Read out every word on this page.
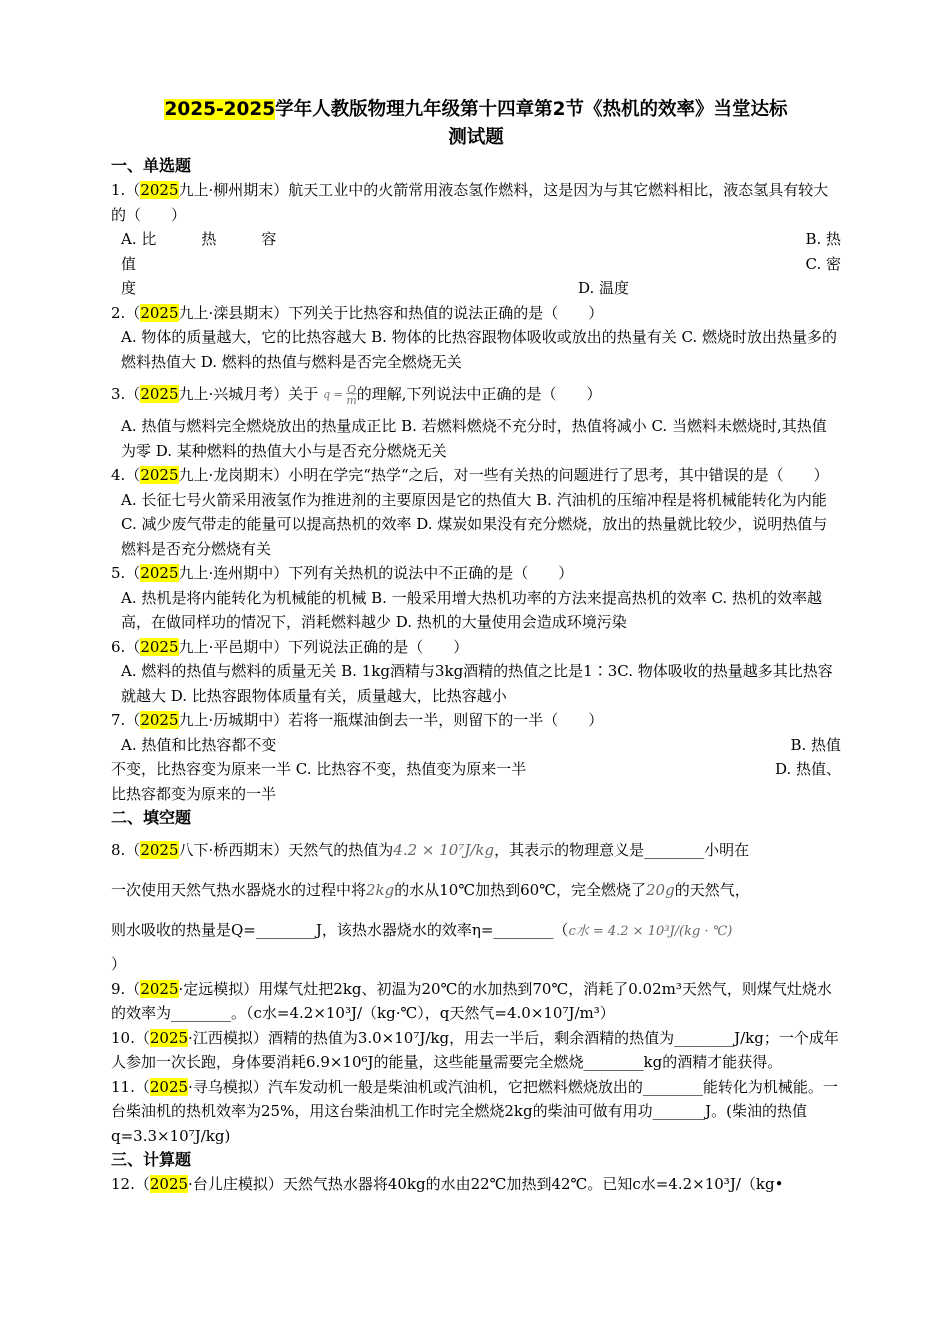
2025-2025学年人教版物理九年级第十四章第2节《热机的效率》当堂达标
测试题
一、单选题

1.（2025九上·柳州期末）航天工业中的火箭常用液态氢作燃料，这是因为与其它燃料相比，液态氢具有较大的（　　）

A. 比　　　热　　　容	B. 热
值	C. 密
度	D. 温度

2.（2025九上·滦县期末）下列关于比热容和热值的说法正确的是（　　）

A. 物体的质量越大，它的比热容越大 B. 物体的比热容跟物体吸收或放出的热量有关 C. 燃烧时放出热量多的燃料热值大 D. 燃料的热值与燃料是否完全燃烧无关

3.（2025九上·兴城月考）关于 $q = \frac{Q}{m}$的理解,下列说法中正确的是（　　）

A. 热值与燃料完全燃烧放出的热量成正比 B. 若燃料燃烧不充分时，热值将减小 C. 当燃料未燃烧时,其热值为零 D. 某种燃料的热值大小与是否充分燃烧无关

4.（2025九上·龙岗期末）小明在学完“热学“之后，对一些有关热的问题进行了思考，其中错误的是（　　）

A. 长征七号火箭采用液氢作为推进剂的主要原因是它的热值大 B. 汽油机的压缩冲程是将机械能转化为内能 C. 减少废气带走的能量可以提高热机的效率 D. 煤炭如果没有充分燃烧，放出的热量就比较少，说明热值与燃料是否充分燃烧有关

5.（2025九上·连州期中）下列有关热机的说法中不正确的是（　　）

A. 热机是将内能转化为机械能的机械 B. 一般采用增大热机功率的方法来提高热机的效率 C. 热机的效率越高，在做同样功的情况下，消耗燃料越少 D. 热机的大量使用会造成环境污染

6.（2025九上·平邑期中）下列说法正确的是（　　）

A. 燃料的热值与燃料的质量无关 B. 1kg酒精与3kg酒精的热值之比是1∶3C. 物体吸收的热量越多其比热容就越大 D. 比热容跟物体质量有关，质量越大，比热容越小

7.（2025九上·历城期中）若将一瓶煤油倒去一半，则留下的一半（　　）

A. 热值和比热容都不变	B. 热值
不变，比热容变为原来一半 C. 比热容不变，热值变为原来一半	D. 热值、
比热容都变为原来的一半
二、填空题

8.（2025八下·桥西期末）天然气的热值为4.2 × 10⁷J/kg，其表示的物理意义是________小明在

一次使用天然气热水器烧水的过程中将2kg的水从10℃加热到60℃，完全燃烧了20g的天然气，

则水吸收的热量是Q=________J，该热水器烧水的效率η=________（c水 = 4.2 × 10³J/(kg · ℃)

）

9.（2025·定远模拟）用煤气灶把2kg、初温为20℃的水加热到70℃，消耗了0.02m³天然气，则煤气灶烧水的效率为________。（c水=4.2×10³J/（kg·℃），q天然气=4.0×10⁷J/m³）

10.（2025·江西模拟）酒精的热值为3.0×10⁷J/kg，用去一半后，剩余酒精的热值为________J/kg；一个成年人参加一次长跑，身体要消耗6.9×10⁶J的能量，这些能量需要完全燃烧________kg的酒精才能获得。

11.（2025·寻乌模拟）汽车发动机一般是柴油机或汽油机，它把燃料燃烧放出的________能转化为机械能。一台柴油机的热机效率为25%，用这台柴油机工作时完全燃烧2kg的柴油可做有用功_______J。(柴油的热值q=3.3×10⁷J/kg)

三、计算题

12.（2025·台儿庄模拟）天然气热水器将40kg的水由22℃加热到42℃。已知c水=4.2×10³J/（kg•
